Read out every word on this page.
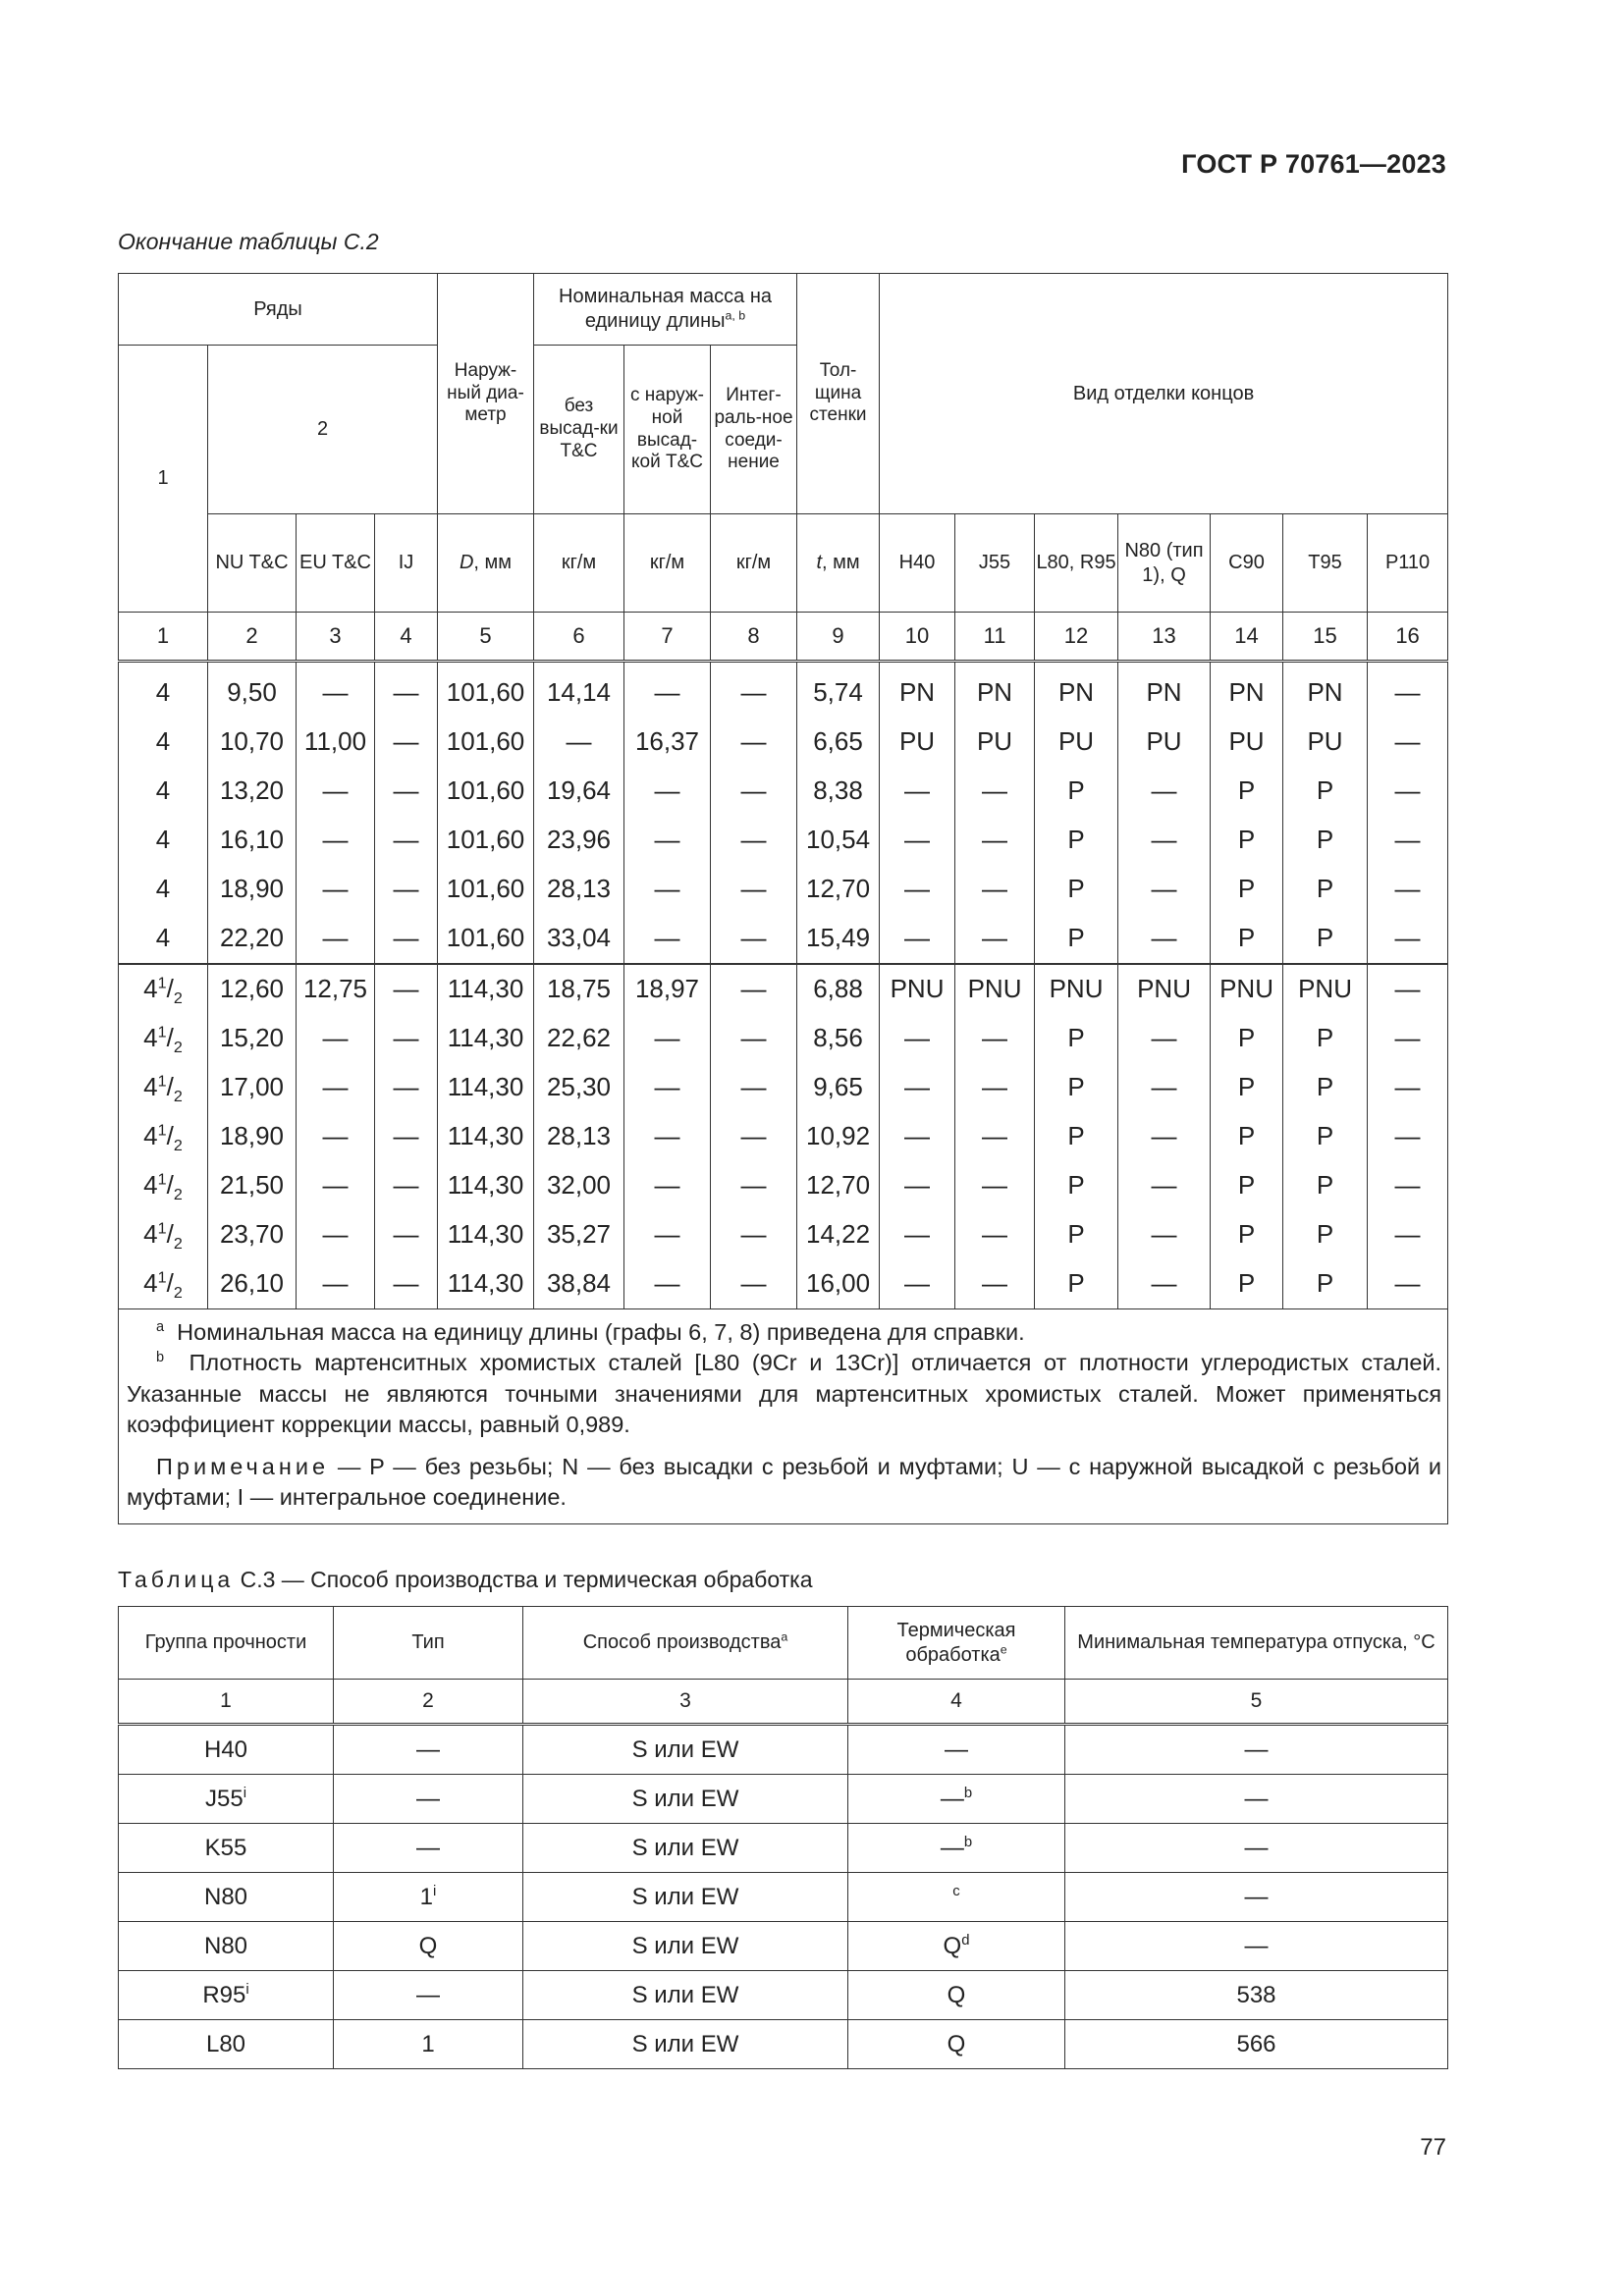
ГОСТ Р 70761—2023
Окончание таблицы С.2
Ряды				Наруж-ный диа-метр	Номинальная масса на единицу длины$^{a, b}$			Тол-щина стенки	Вид отделки концов						
1	2				без высад-ки T&C	с наруж-ной высад-кой T&C	Интег-раль-ное соеди-нение								
	NU T&C	EU T&C	IJ	D, мм	кг/м	кг/м	кг/м	t, мм	H40	J55	L80, R95	N80 (тип 1), Q	C90	T95	P110
1	2	3	4	5	6	7	8	9	10	11	12	13	14	15	16
4	9,50	—	—	101,60	14,14	—	—	5,74	PN	PN	PN	PN	PN	PN	—
4	10,70	11,00	—	101,60	—	16,37	—	6,65	PU	PU	PU	PU	PU	PU	—
4	13,20	—	—	101,60	19,64	—	—	8,38	—	—	P	—	P	P	—
4	16,10	—	—	101,60	23,96	—	—	10,54	—	—	P	—	P	P	—
4	18,90	—	—	101,60	28,13	—	—	12,70	—	—	P	—	P	P	—
4	22,20	—	—	101,60	33,04	—	—	15,49	—	—	P	—	P	P	—
$4^1/_2$	12,60	12,75	—	114,30	18,75	18,97	—	6,88	PNU	PNU	PNU	PNU	PNU	PNU	—
$4^1/_2$	15,20	—	—	114,30	22,62	—	—	8,56	—	—	P	—	P	P	—
$4^1/_2$	17,00	—	—	114,30	25,30	—	—	9,65	—	—	P	—	P	P	—
$4^1/_2$	18,90	—	—	114,30	28,13	—	—	10,92	—	—	P	—	P	P	—
$4^1/_2$	21,50	—	—	114,30	32,00	—	—	12,70	—	—	P	—	P	P	—
$4^1/_2$	23,70	—	—	114,30	35,27	—	—	14,22	—	—	P	—	P	P	—
$4^1/_2$	26,10	—	—	114,30	38,84	—	—	16,00	—	—	P	—	P	P	—

$^a$ Номинальная масса на единицу длины (графы 6, 7, 8) приведена для справки.

$^b$ Плотность мартенситных хромистых сталей [L80 (9Cr и 13Cr)] отличается от плотности углеродистых сталей. Указанные массы не являются точными значениями для мартенситных хромистых сталей. Может применяться коэффициент коррекции массы, равный 0,989.

Примечание — P — без резьбы; N — без высадки с резьбой и муфтами; U — с наружной высадкой с резьбой и муфтами; I — интегральное соединение.															

Таблица С.3 — Способ производства и термическая обработка
Группа прочности	Тип	Способ производства$^a$	Термическая обработка$^e$	Минимальная температура отпуска, °С
1	2	3	4	5
H40	—	S или EW	—	—
J55$^i$	—	S или EW	—$^b$	—
K55	—	S или EW	—$^b$	—
N80	1$^i$	S или EW	$^c$	—
N80	Q	S или EW	$Q^d$	—
R95$^i$	—	S или EW	Q	538
L80	1	S или EW	Q	566
77
